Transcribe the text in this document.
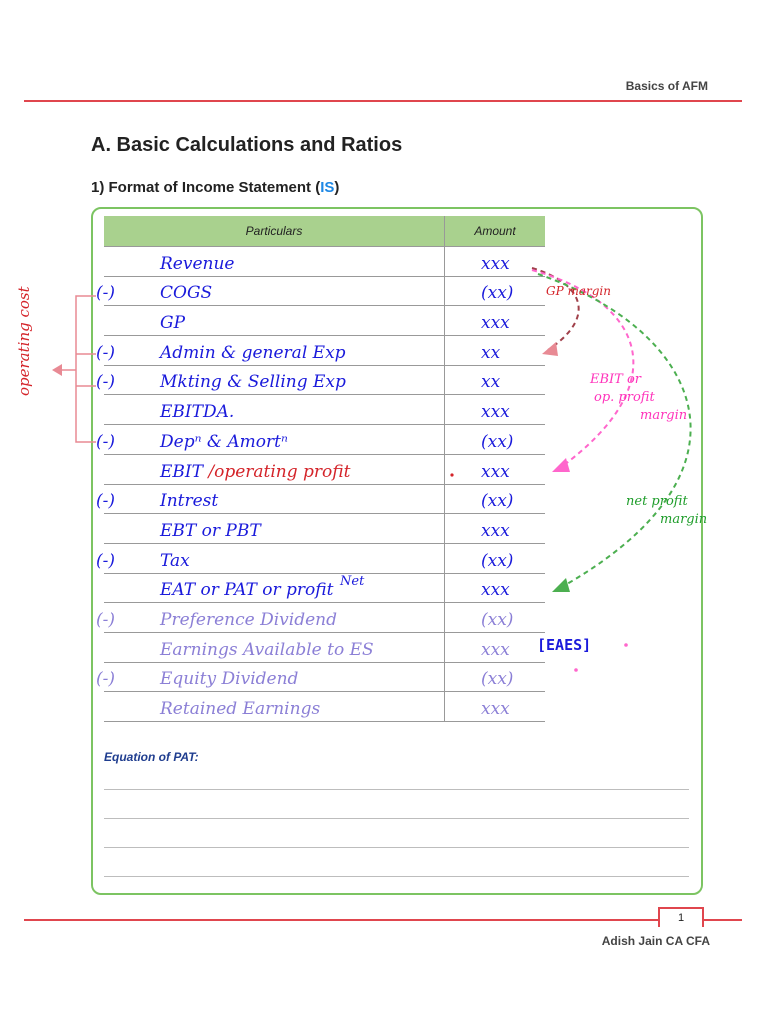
Basics of AFM
A. Basic Calculations and Ratios
1) Format of Income Statement (IS)
Particulars	Amount
Revenue	xxx
(-)	COGS	(xx)
GP	xxx
(-)	Admin & general Exp	xx
(-)	Mkting & Selling Exp	xx
EBITDA.	xxx
(-)	Depⁿ & Amortⁿ	(xx)
EBIT /operating profit	xxx
(-)	Intrest	(xx)
EBT or PBT	xxx
(-)	Tax	(xx)
EAT or PAT or profit	xxx
(-)	Preference Dividend	(xx)
Earnings Available to ES	xxx
(-)	Equity Dividend	(xx)
Retained Earnings	xxx
Equation of PAT:
operating cost	GP margin
EBIT or
op. profit
margin
net profit
margin
Net
[EAES]
1
Adish Jain CA CFA
